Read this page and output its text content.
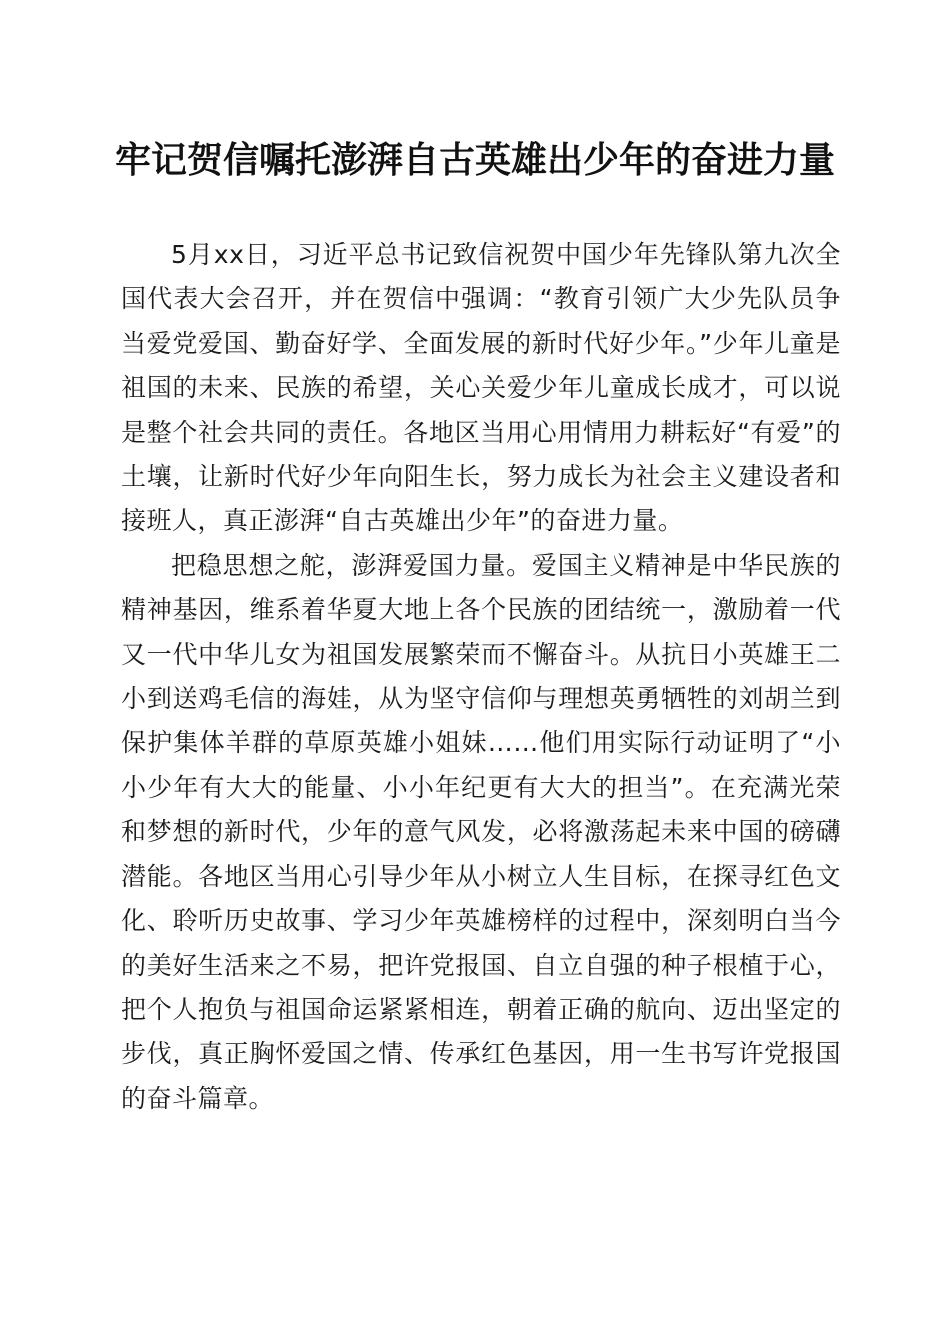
牢记贺信嘱托澎湃自古英雄出少年的奋进力量

5月xx日，习近平总书记致信祝贺中国少年先锋队第九次全国代表大会召开，并在贺信中强调：“教育引领广大少先队员争当爱党爱国、勤奋好学、全面发展的新时代好少年。”少年儿童是祖国的未来、民族的希望，关心关爱少年儿童成长成才，可以说是整个社会共同的责任。各地区当用心用情用力耕耘好“有爱”的土壤，让新时代好少年向阳生长，努力成长为社会主义建设者和接班人，真正澎湃“自古英雄出少年”的奋进力量。

把稳思想之舵，澎湃爱国力量。爱国主义精神是中华民族的精神基因，维系着华夏大地上各个民族的团结统一，激励着一代又一代中华儿女为祖国发展繁荣而不懈奋斗。从抗日小英雄王二小到送鸡毛信的海娃，从为坚守信仰与理想英勇牺牲的刘胡兰到保护集体羊群的草原英雄小姐妹……他们用实际行动证明了“小小少年有大大的能量、小小年纪更有大大的担当”。在充满光荣和梦想的新时代，少年的意气风发，必将激荡起未来中国的磅礴潜能。各地区当用心引导少年从小树立人生目标，在探寻红色文化、聆听历史故事、学习少年英雄榜样的过程中，深刻明白当今的美好生活来之不易，把许党报国、自立自强的种子根植于心，把个人抱负与祖国命运紧紧相连，朝着正确的航向、迈出坚定的步伐，真正胸怀爱国之情、传承红色基因，用一生书写许党报国的奋斗篇章。
